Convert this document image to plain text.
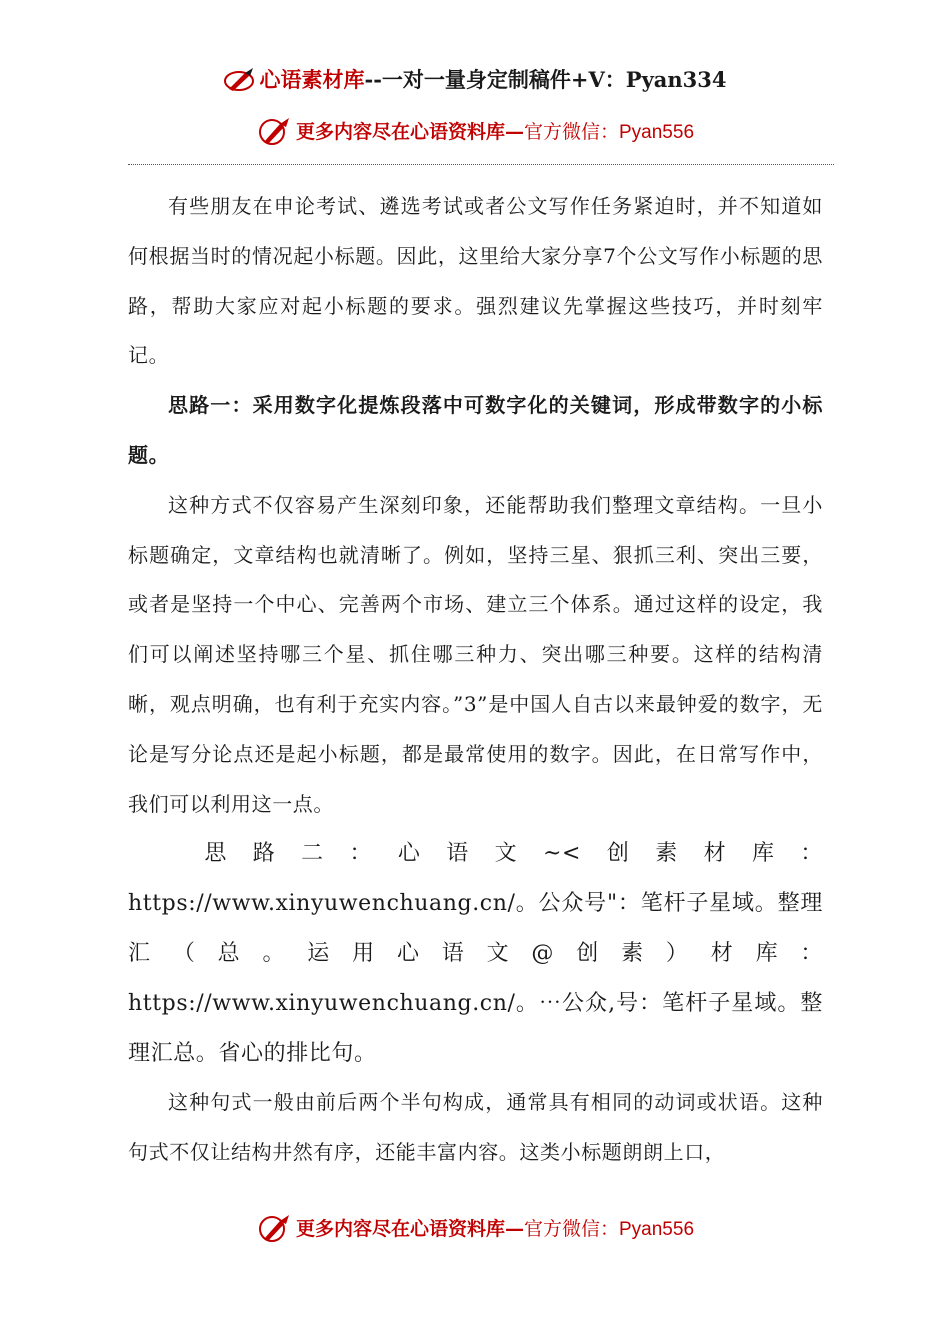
心语素材库--一对一量身定制稿件+V：Pyan334
更多内容尽在心语资料库—官方微信：Pyan556

有些朋友在申论考试、遴选考试或者公文写作任务紧迫时，并不知道如何根据当时的情况起小标题。因此，这里给大家分享7个公文写作小标题的思路，帮助大家应对起小标题的要求。强烈建议先掌握这些技巧，并时刻牢记。

思路一：采用数字化提炼段落中可数字化的关键词，形成带数字的小标题。

这种方式不仅容易产生深刻印象，还能帮助我们整理文章结构。一旦小标题确定，文章结构也就清晰了。例如，坚持三星、狠抓三利、突出三要，或者是坚持一个中心、完善两个市场、建立三个体系。通过这样的设定，我们可以阐述坚持哪三个星、抓住哪三种力、突出哪三种要。这样的结构清晰，观点明确，也有利于充实内容。”3”是中国人自古以来最钟爱的数字，无论是写分论点还是起小标题，都是最常使用的数字。因此，在日常写作中，我们可以利用这一点。

思路二：心语文~<创素材库：https://www.xinyuwenchuang.cn/。公众号"：笔杆子星域。整理汇（总。运用心语文@创素）材库：https://www.xinyuwenchuang.cn/。⋯公众,号：笔杆子星域。整理汇总。省心的排比句。

这种句式一般由前后两个半句构成，通常具有相同的动词或状语。这种句式不仅让结构井然有序，还能丰富内容。这类小标题朗朗上口，

更多内容尽在心语资料库—官方微信：Pyan556
